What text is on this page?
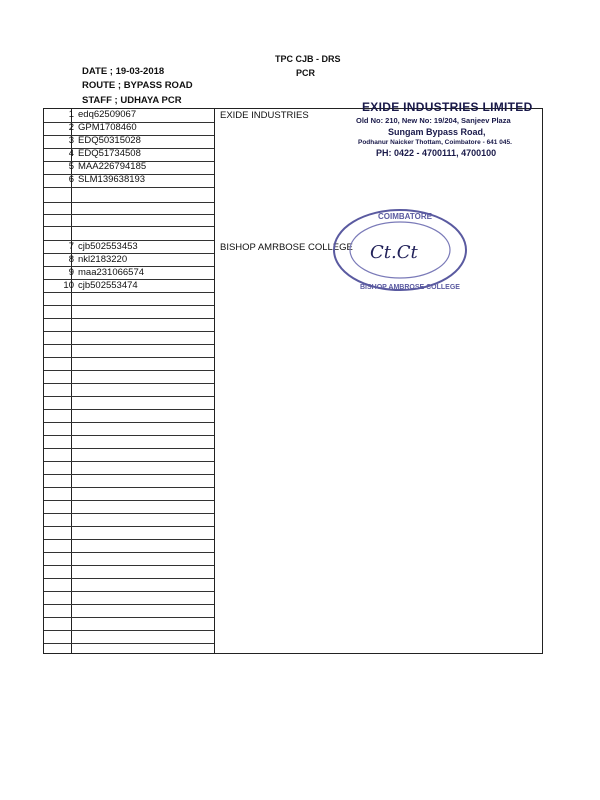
TPC CJB - DRS
PCR
DATE ; 19-03-2018
ROUTE ; BYPASS ROAD
STAFF ; UDHAYA PCR
1 edq62509067
2 GPM1708460
3 EDQ50315028
4 EDQ51734508
5 MAA226794185
6 SLM139638193
7 cjb502553453
8 nkl2183220
9 maa231066574
10 cjb502553474
EXIDE INDUSTRIES
BISHOP AMRBOSE COLLEGE
EXIDE INDUSTRIES LIMITED
Old No: 210, New No: 19/204, Sanjeev Plaza
Sungam Bypass Road,
Podhanur Naicker Thottam, Coimbatore - 641 045.
PH: 0422 - 4700111, 4700100
COIMBATORE
BISHOP AMBROSE COLLEGE
Ct.Ct
